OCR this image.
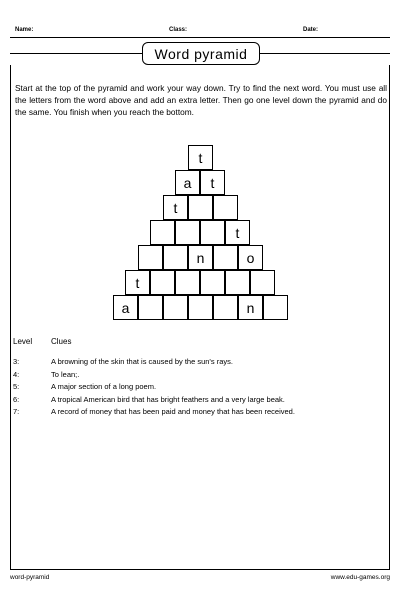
Name:	Class:	Date:
Word pyramid
Start at the top of the pyramid and work your way down. Try to find the next word. You must use all the letters from the word above and add an extra letter. Then go one level down the pyramid and do the same. You finish when you reach the bottom.
t
a	t
t
t
n	o
t
a	n
Level Clues
3:	A browning of the skin that is caused by the sun's rays.
4:	To lean;.
5:	A major section of a long poem.
6:	A tropical American bird that has bright feathers and a very large beak.
7:	A record of money that has been paid and money that has been received.
word-pyramid	www.edu-games.org
